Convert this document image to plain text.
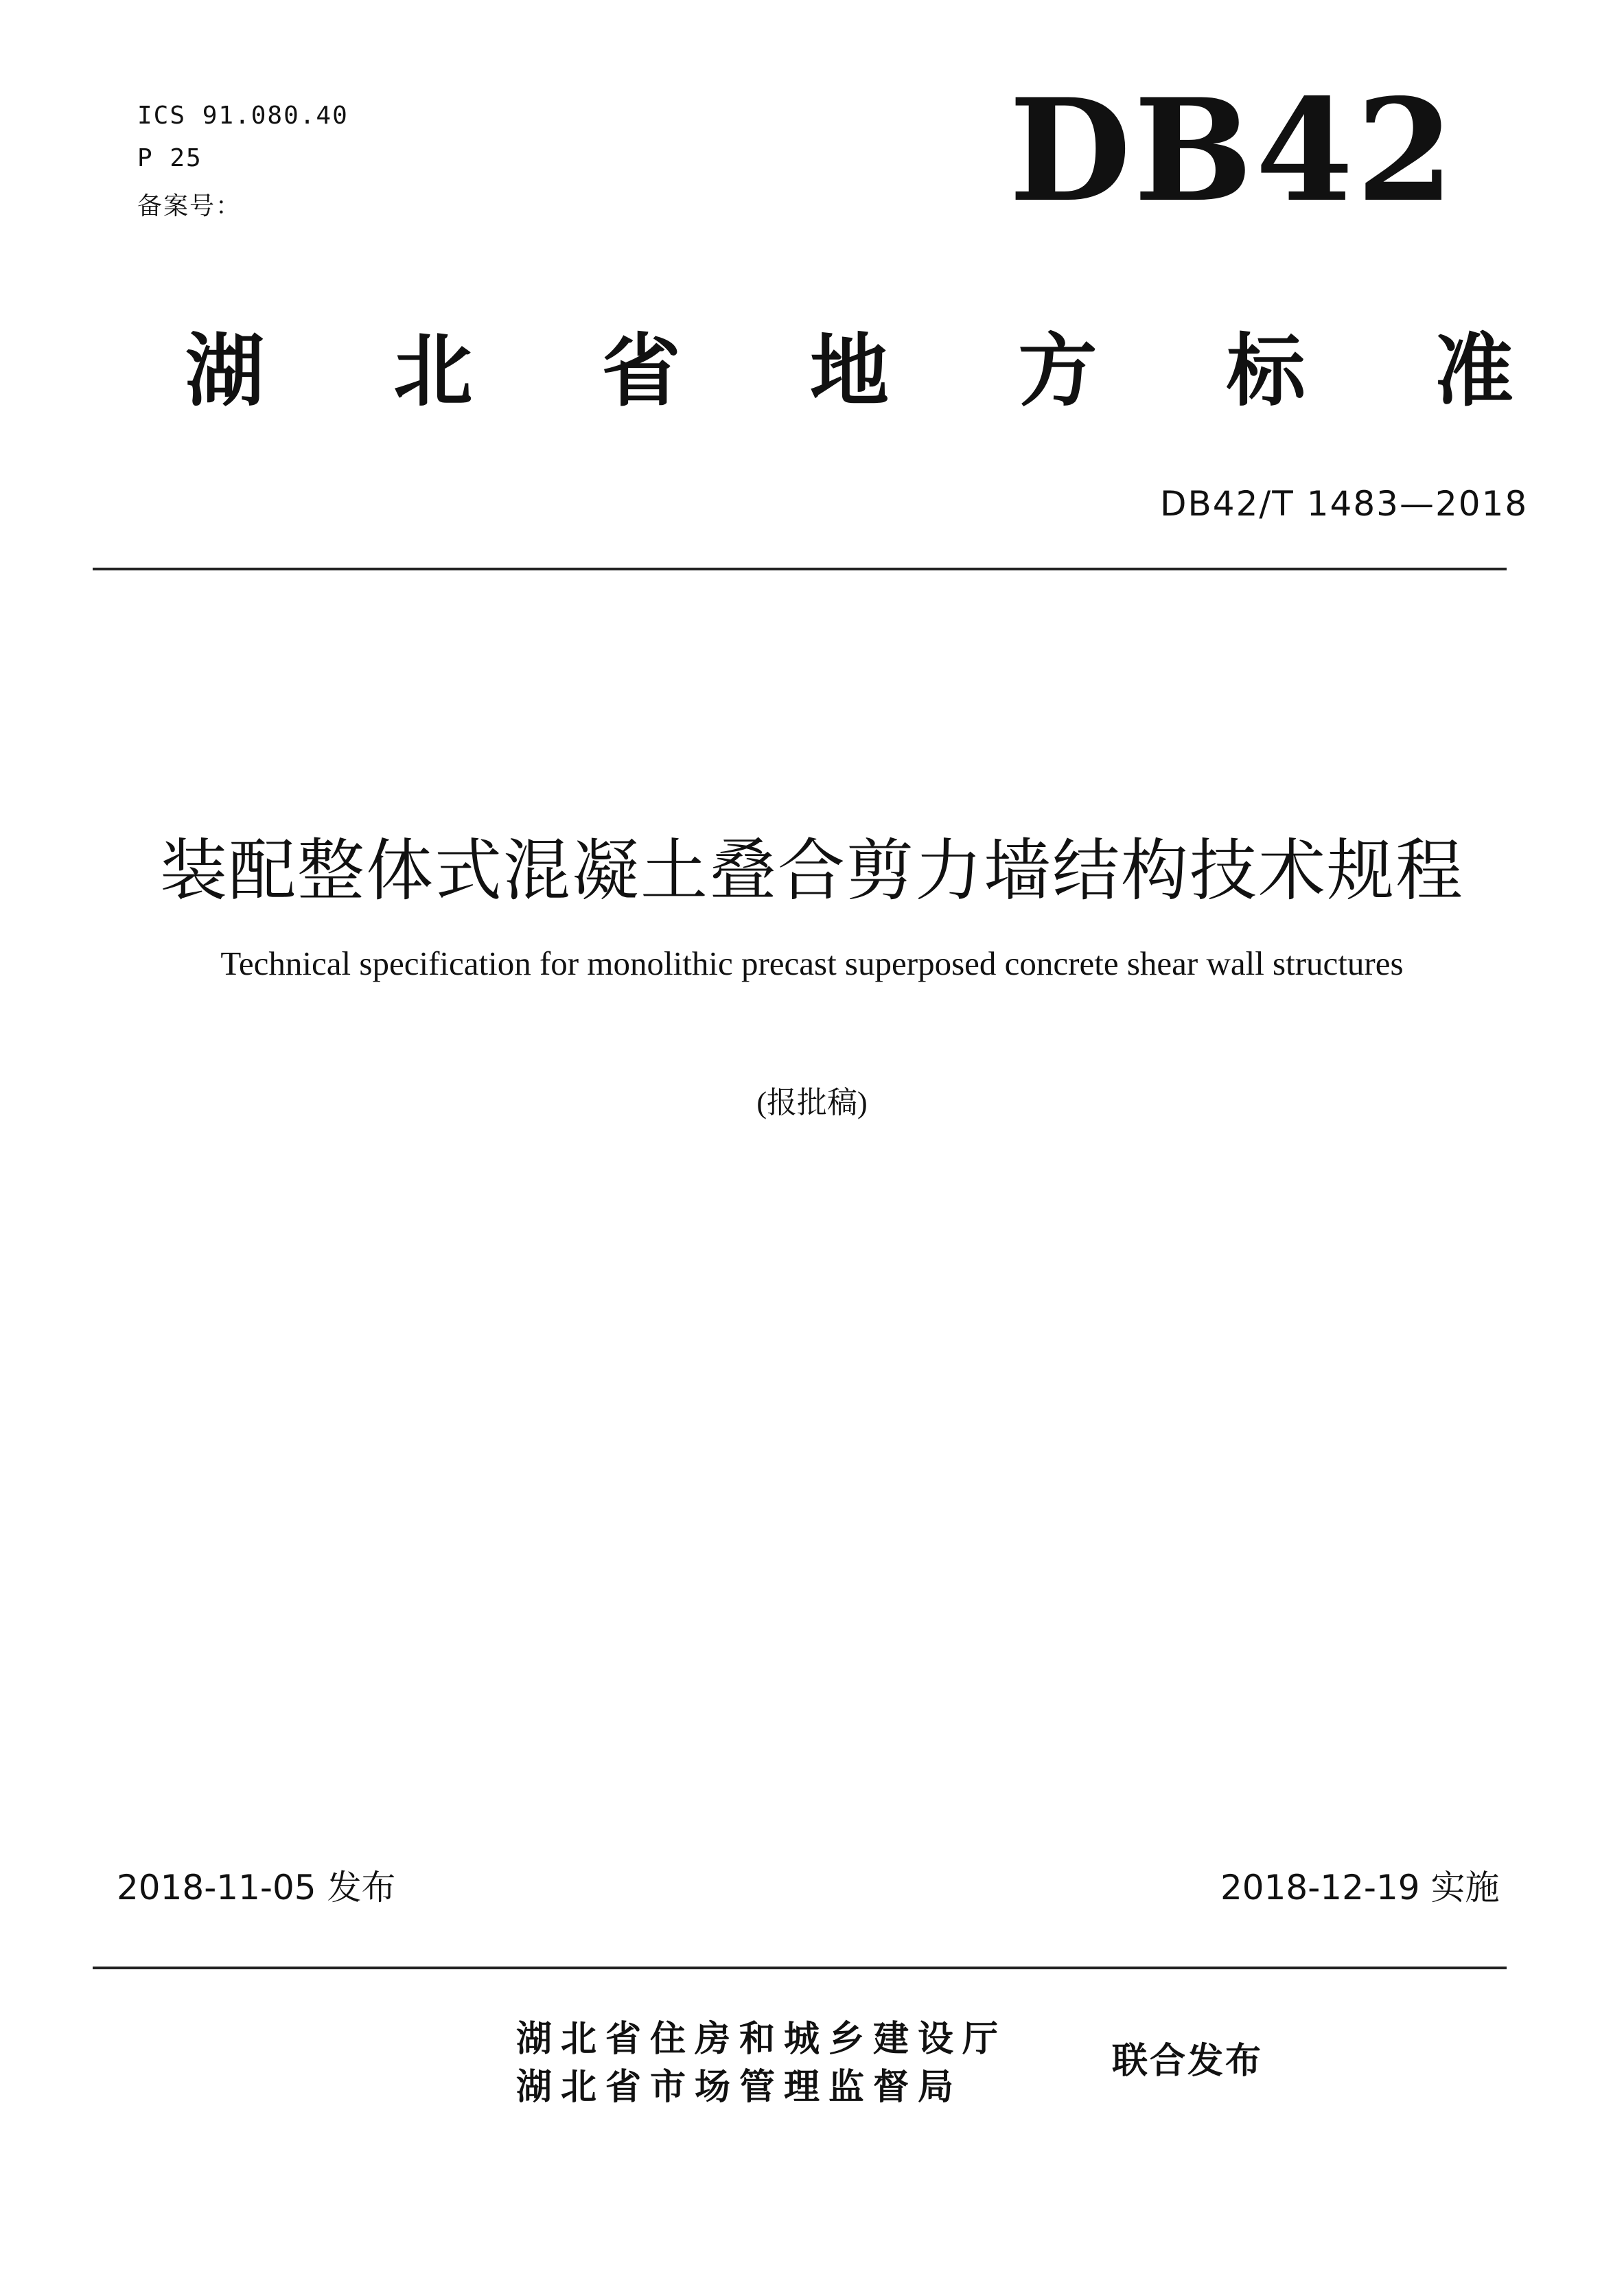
ICS 91.080.40
P 25
备案号：	DB42
湖 北 省 地 方 标 准
DB42/T 1483—2018
装配整体式混凝土叠合剪力墙结构技术规程
Technical specification for monolithic precast superposed concrete shear wall structures
(报批稿)
2018-11-05 发布	2018-12-19 实施
湖北省住房和城乡建设厅
湖北省市场管理监督局
联合发布
